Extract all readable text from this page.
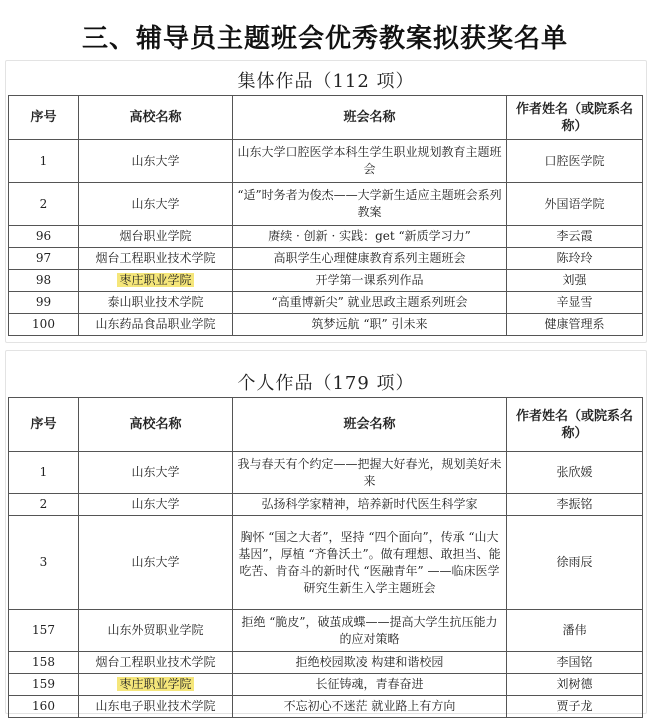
三、辅导员主题班会优秀教案拟获奖名单
集体作品（112 项）
序号	高校名称	班会名称	作者姓名（或院系名称）
1	山东大学	山东大学口腔医学本科生学生职业规划教育主题班会	口腔医学院
2	山东大学	“适”时务者为俊杰——大学新生适应主题班会系列教案	外国语学院
96	烟台职业学院	赓续 · 创新 · 实践：get “新质学习力”	李云霞
97	烟台工程职业技术学院	高职学生心理健康教育系列主题班会	陈玲玲
98	枣庄职业学院	开学第一课系列作品	刘强
99	泰山职业技术学院	“高重博新尖” 就业思政主题系列班会	辛显雪
100	山东药品食品职业学院	筑梦远航 “职” 引未来	健康管理系
个人作品（179 项）
序号	高校名称	班会名称	作者姓名（或院系名称）
1	山东大学	我与春天有个约定——把握大好春光，规划美好未来	张欣媛
2	山东大学	弘扬科学家精神，培养新时代医生科学家	李振铭
3	山东大学	胸怀 “国之大者”，坚持 “四个面向”，传承 “山大基因”，厚植 “齐鲁沃土”。做有理想、敢担当、能吃苦、肯奋斗的新时代 “医融青年” ——临床医学研究生新生入学主题班会	徐雨辰
157	山东外贸职业学院	拒绝 “脆皮”，破茧成蝶——提高大学生抗压能力的应对策略	潘伟
158	烟台工程职业技术学院	拒绝校园欺凌 构建和谐校园	李国铭
159	枣庄职业学院	长征铸魂，青春奋进	刘树德
160	山东电子职业技术学院	不忘初心不迷茫 就业路上有方向	贾子龙
